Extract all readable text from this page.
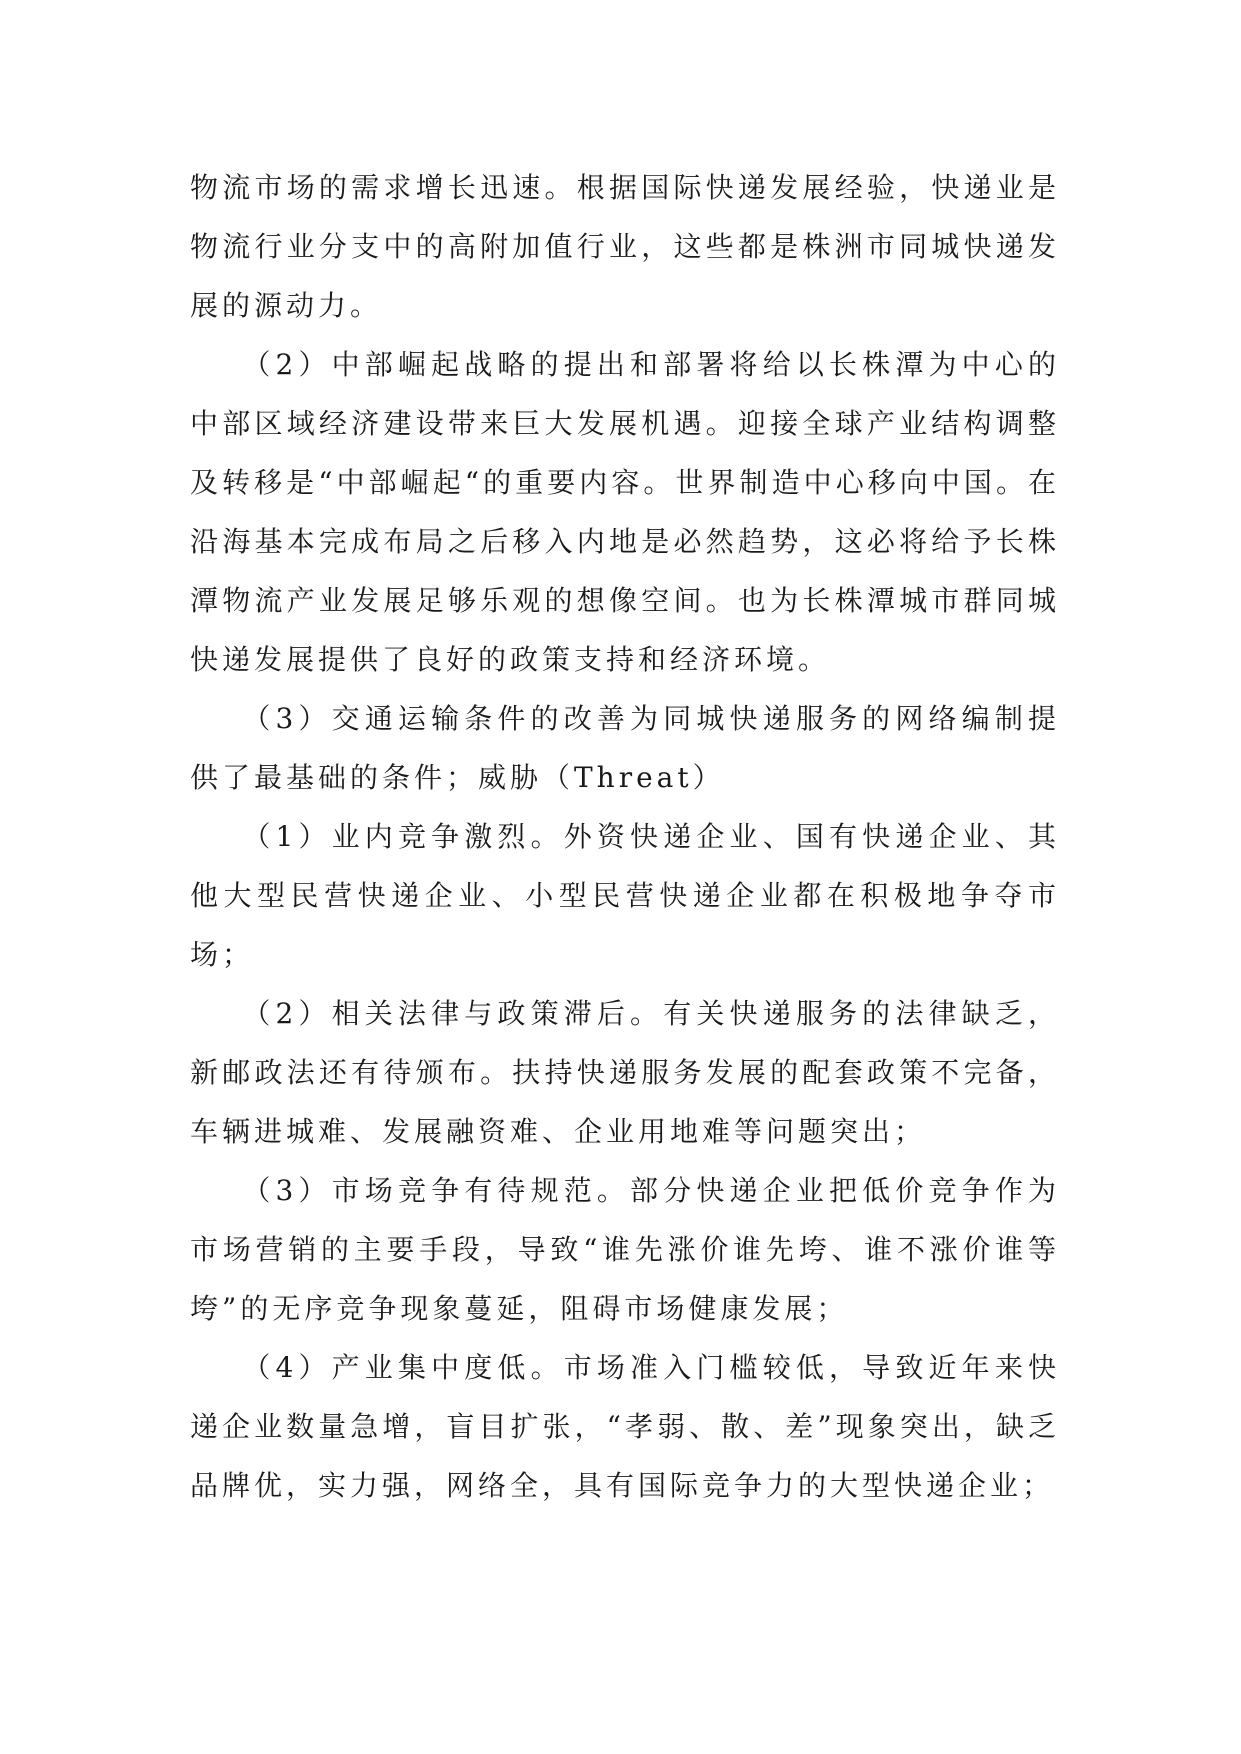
物流市场的需求增长迅速。根据国际快递发展经验，快递业是物流行业分支中的高附加值行业，这些都是株洲市同城快递发展的源动力。

　　（2）中部崛起战略的提出和部署将给以长株潭为中心的中部区域经济建设带来巨大发展机遇。迎接全球产业结构调整及转移是“中部崛起“的重要内容。世界制造中心移向中国。在沿海基本完成布局之后移入内地是必然趋势，这必将给予长株潭物流产业发展足够乐观的想像空间。也为长株潭城市群同城快递发展提供了良好的政策支持和经济环境。

　　（3）交通运输条件的改善为同城快递服务的网络编制提供了最基础的条件；威胁（Threat）

　　（1）业内竞争激烈。外资快递企业、国有快递企业、其他大型民营快递企业、小型民营快递企业都在积极地争夺市场；

　　（2）相关法律与政策滞后。有关快递服务的法律缺乏，新邮政法还有待颁布。扶持快递服务发展的配套政策不完备，车辆进城难、发展融资难、企业用地难等问题突出；

　　（3）市场竞争有待规范。部分快递企业把低价竞争作为市场营销的主要手段，导致“谁先涨价谁先垮、谁不涨价谁等垮”的无序竞争现象蔓延，阻碍市场健康发展；

　　（4）产业集中度低。市场准入门槛较低，导致近年来快递企业数量急增，盲目扩张，“孝弱、散、差”现象突出，缺乏品牌优，实力强，网络全，具有国际竞争力的大型快递企业；
